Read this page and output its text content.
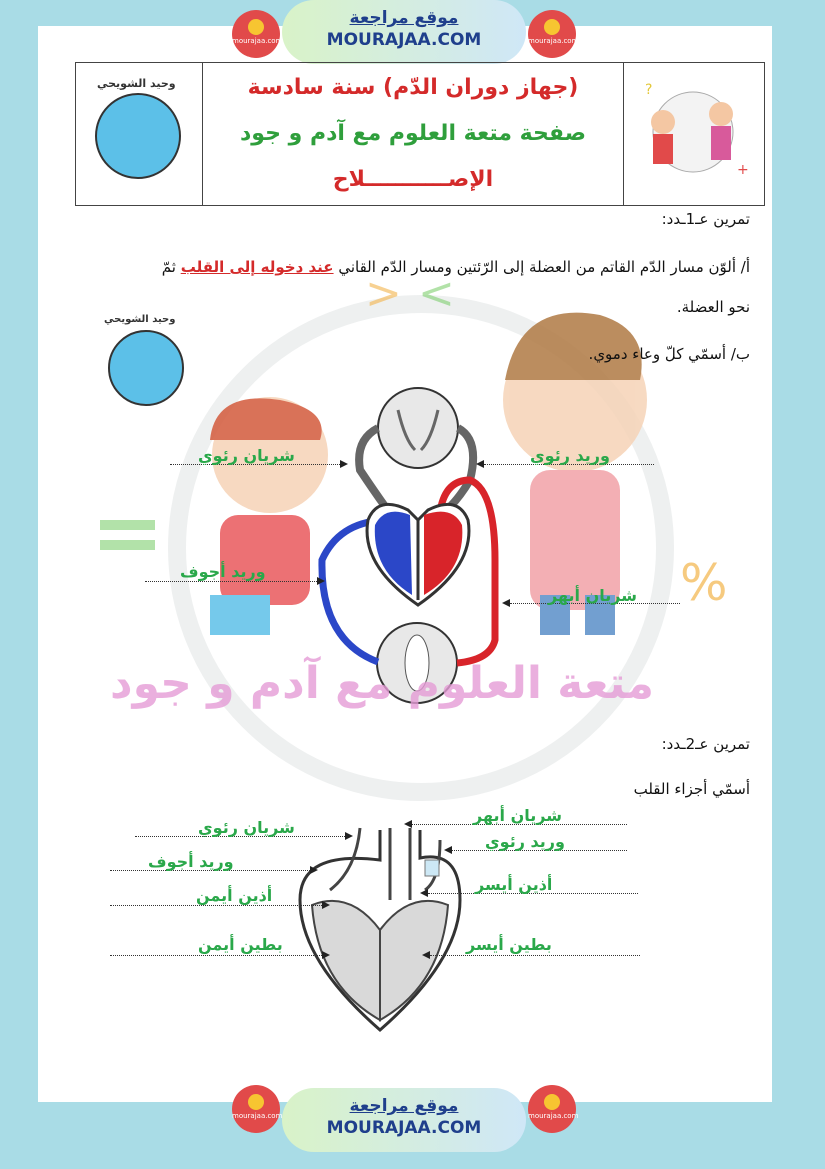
mourajaa.com
موقع مراجعة
MOURAJAA.COM	mourajaa.com
وحيد الشويحي	(جهاز دوران الدّم) سنة سادسة
صفحة متعة العلوم مع آدم و جود
الإصـــــــــــلاح

?
+
وحيد الشويحي
> <
%
متعة العلوم مع آدم و جود
تمرين عـ1ـدد:
أ/ ألوّن مسار الدّم القاتم من العضلة إلى الرّئتين ومسار الدّم القاني عند دخوله إلى القلب ثمّ
نحو العضلة.
ب/ أسمّي كلّ وعاء دموي.
شريان رئوي	وريد رئوي
وريد أجوف
شريان أبهر
تمرين عـ2ـدد:
أسمّي أجزاء القلب
شريان رئوي
وريد أجوف
أذين أيمن
بطين أيمن
شريان أبهر
وريد رئوي
أذين أيسر
بطين أيسر
mourajaa.com	موقع مراجعة
MOURAJAA.COM
mourajaa.com
